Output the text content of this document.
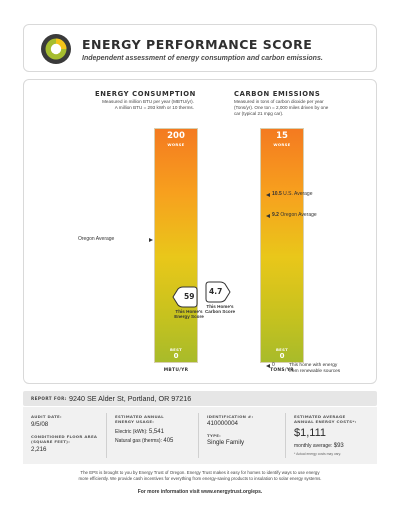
ENERGY PERFORMANCE SCORE
Independent assessment of energy consumption and carbon emissions.
ENERGY CONSUMPTION
Measured in million BTU per year (MBTU/yr).
A million BTU = 293 kWh or 10 therms.
200
WORSE
BEST
0
MBTU/YR
Oregon Average
59
This Home's
Energy Score
CARBON EMISSIONS
Measured in tons of carbon dioxide per year
(Tons/yr). One ton = 2,000 miles driven by one
car (typical 21 mpg car).
15
WORSE
BEST
0
TONS/YR
10.5 U.S. Average
9.2 Oregon Average
4.7
This Home's
Carbon Score
0	This home with energy
from renewable sources
REPORT FOR: 9240 SE Alder St, Portland, OR 97216
AUDIT DATE:
9/5/08
CONDITIONED FLOOR AREA
(SQUARE FEET):
2,216
ESTIMATED ANNUAL
ENERGY USAGE:
Electric (kWh): 5,541
Natural gas (therms): 405
IDENTIFICATION #:
410000004
TYPE:
Single Family
ESTIMATED AVERAGE
ANNUAL ENERGY COSTS*:
$1,111
monthly average: $93
* Actual energy costs may vary.
The EPS is brought to you by Energy Trust of Oregon. Energy Trust makes it easy for homes to identify ways to use energy
more efficiently. We provide cash incentives for everything from energy-saving products to insulation to solar energy systems.
For more information visit www.energytrust.org/eps.
